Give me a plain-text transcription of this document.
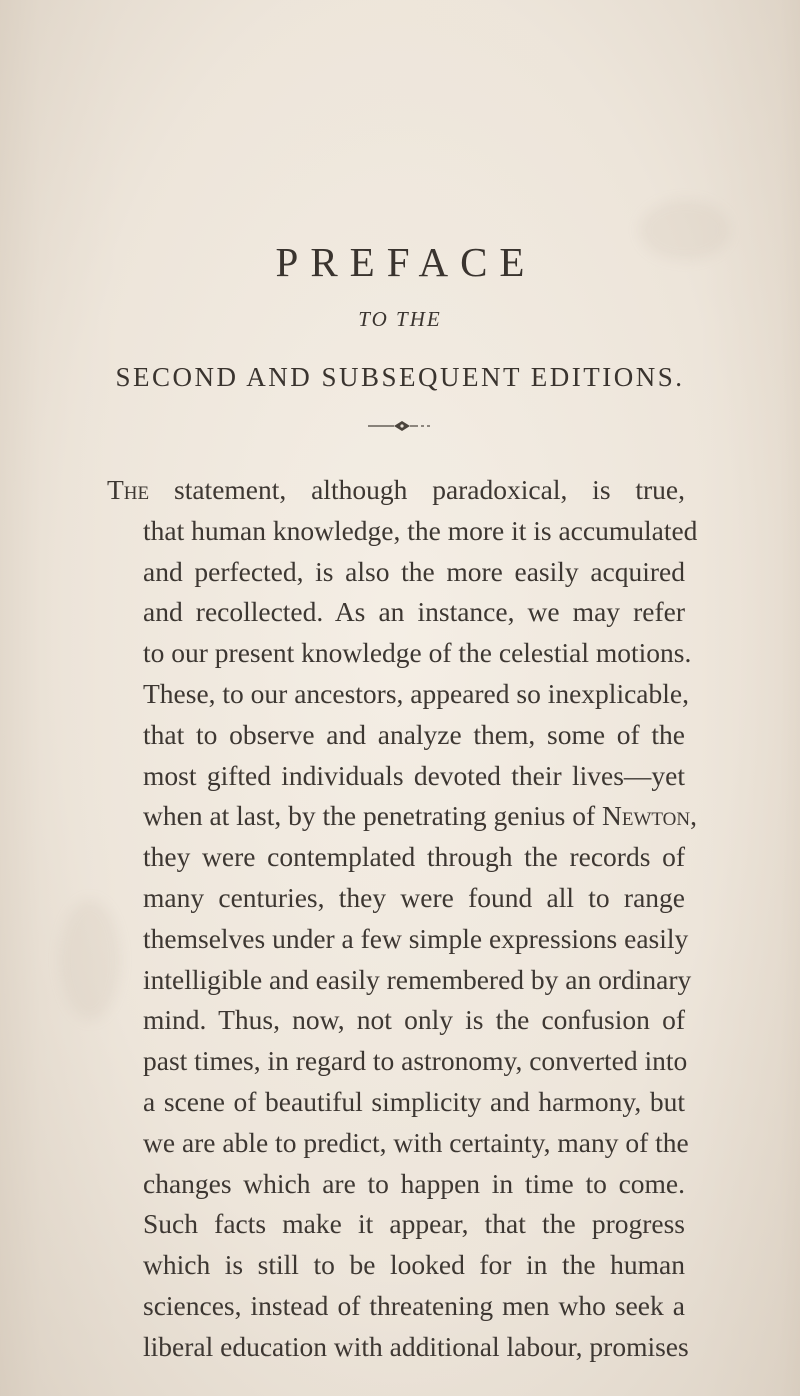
PREFACE
TO THE
SECOND AND SUBSEQUENT EDITIONS.
The statement, although paradoxical, is true,
that human knowledge, the more it is accumulated
and perfected, is also the more easily acquired
and recollected. As an instance, we may refer
to our present knowledge of the celestial motions.
These, to our ancestors, appeared so inexplicable,
that to observe and analyze them, some of the
most gifted individuals devoted their lives—yet
when at last, by the penetrating genius of Newton,
they were contemplated through the records of
many centuries, they were found all to range
themselves under a few simple expressions easily
intelligible and easily remembered by an ordinary
mind. Thus, now, not only is the confusion of
past times, in regard to astronomy, converted into
a scene of beautiful simplicity and harmony, but
we are able to predict, with certainty, many of the
changes which are to happen in time to come.
Such facts make it appear, that the progress
which is still to be looked for in the human
sciences, instead of threatening men who seek a
liberal education with additional labour, promises
